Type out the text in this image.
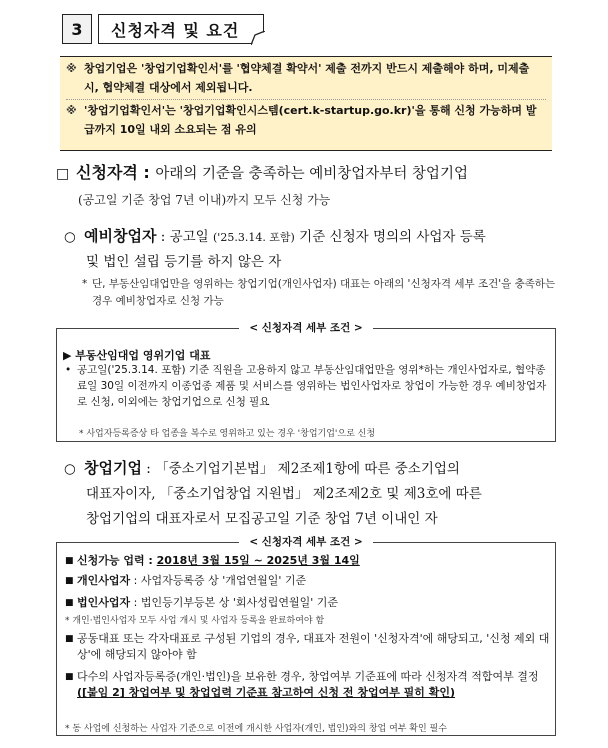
3	신청자격 및 요건
※ 창업기업은 '창업기업확인서'를 '협약체결 확약서' 제출 전까지 반드시 제출해야 하며, 미제출 시, 협약체결 대상에서 제외됩니다.
※ '창업기업확인서'는 '창업기업확인시스템(cert.k-startup.go.kr)'을 통해 신청 가능하며 발급까지 10일 내외 소요되는 점 유의
□ 신청자격 : 아래의 기준을 충족하는 예비창업자부터 창업기업
(공고일 기준 창업 7년 이내)까지 모두 신청 가능
○ 예비창업자 : 공고일 ('25.3.14. 포함) 기준 신청자 명의의 사업자 등록
및 법인 설립 등기를 하지 않은 자
* 단, 부동산임대업만을 영위하는 창업기업(개인사업자) 대표는 아래의 '신청자격 세부 조건'을 충족하는 경우 예비창업자로 신청 가능
< 신청자격 세부 조건 >
▶ 부동산임대업 영위기업 대표
• 공고일('25.3.14. 포함) 기준 직원을 고용하지 않고 부동산임대업만을 영위*하는 개인사업자로, 협약종료일 30일 이전까지 이종업종 제품 및 서비스를 영위하는 법인사업자로 창업이 가능한 경우 예비창업자로 신청, 이외에는 창업기업으로 신청 필요
* 사업자등록증상 타 업종을 복수로 영위하고 있는 경우 '창업기업'으로 신청
○ 창업기업 : 「중소기업기본법」 제2조제1항에 따른 중소기업의
대표자이자, 「중소기업창업 지원법」 제2조제2호 및 제3호에 따른
창업기업의 대표자로서 모집공고일 기준 창업 7년 이내인 자
< 신청자격 세부 조건 >
■ 신청가능 업력 : 2018년 3월 15일 ~ 2025년 3월 14일
■ 개인사업자 : 사업자등록증 상 '개업연월일' 기준
■ 법인사업자 : 법인등기부등본 상 '회사성립연월일' 기준
* 개인·법인사업자 모두 사업 개시 및 사업자 등록을 완료하여야 함
■ 공동대표 또는 각자대표로 구성된 기업의 경우, 대표자 전원이 '신청자격'에 해당되고, '신청 제외 대상'에 해당되지 않아야 함
■ 다수의 사업자등록증(개인·법인)을 보유한 경우, 창업여부 기준표에 따라 신청자격 적합여부 결정 ([붙임 2] 창업여부 및 창업업력 기준표 참고하여 신청 전 창업여부 필히 확인)
* 동 사업에 신청하는 사업자 기준으로 이전에 개시한 사업자(개인, 법인)와의 창업 여부 확인 필수
